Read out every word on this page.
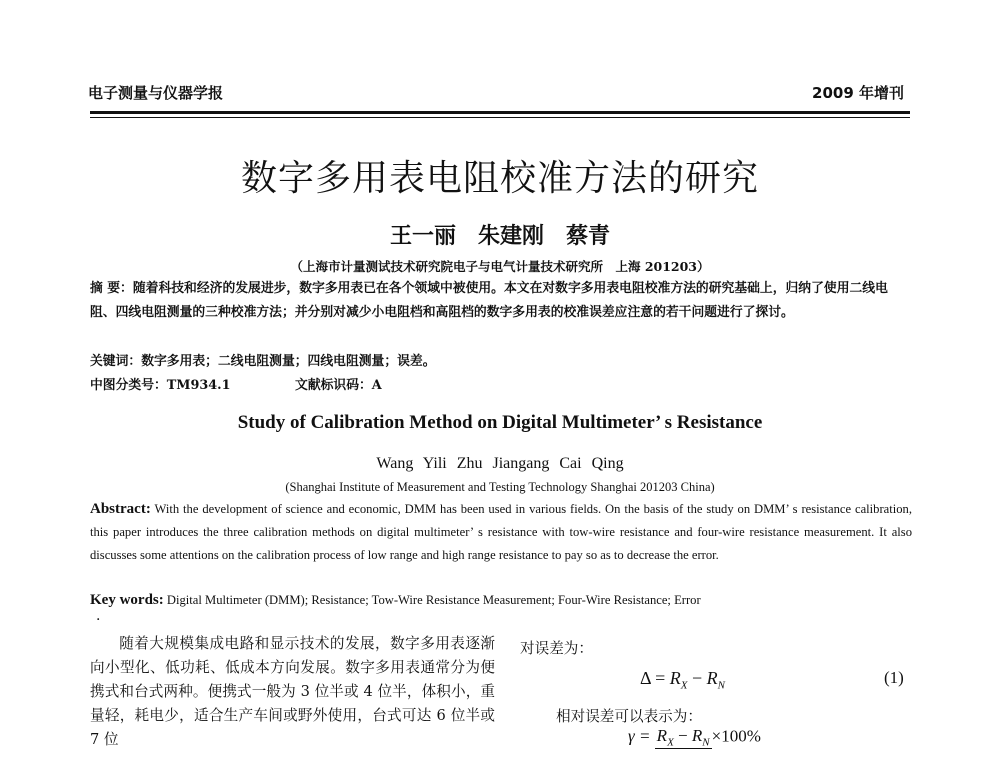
电子测量与仪器学报	2009 年增刊
数字多用表电阻校准方法的研究
王一丽　朱建刚　蔡青
（上海市计量测试技术研究院电子与电气计量技术研究所　上海 201203）
摘 要：随着科技和经济的发展进步，数字多用表已在各个领域中被使用。本文在对数字多用表电阻校准方法的研究基础上，归纳了使用二线电阻、四线电阻测量的三种校准方法；并分别对减少小电阻档和高阻档的数字多用表的校准误差应注意的若干问题进行了探讨。
关键词：数字多用表；二线电阻测量；四线电阻测量；误差。
中图分类号：TM934.1	文献标识码：A
Study of Calibration Method on Digital Multimeter’ s Resistance
Wang Yili Zhu Jiangang Cai Qing
(Shanghai Institute of Measurement and Testing Technology Shanghai 201203 China)
Abstract: With the development of science and economic, DMM has been used in various fields. On the basis of the study on DMM’ s resistance calibration, this paper introduces the three calibration methods on digital multimeter’ s resistance with tow-wire resistance and four-wire resistance measurement. It also discusses some attentions on the calibration process of low range and high range resistance to pay so as to decrease the error.
Key words: Digital Multimeter (DMM); Resistance; Tow-Wire Resistance Measurement; Four-Wire Resistance; Error
·

随着大规模集成电路和显示技术的发展，数字多用表逐渐向小型化、低功耗、低成本方向发展。数字多用表通常分为便携式和台式两种。便携式一般为 3 位半或 4 位半，体积小，重量轻，耗电少，适合生产车间或野外使用，台式可达 6 位半或 7 位

对误差为：
$\Delta = R_X - R_N$	(1)
相对误差可以表示为：
$\gamma = R_X - R_N \times 100\%$
